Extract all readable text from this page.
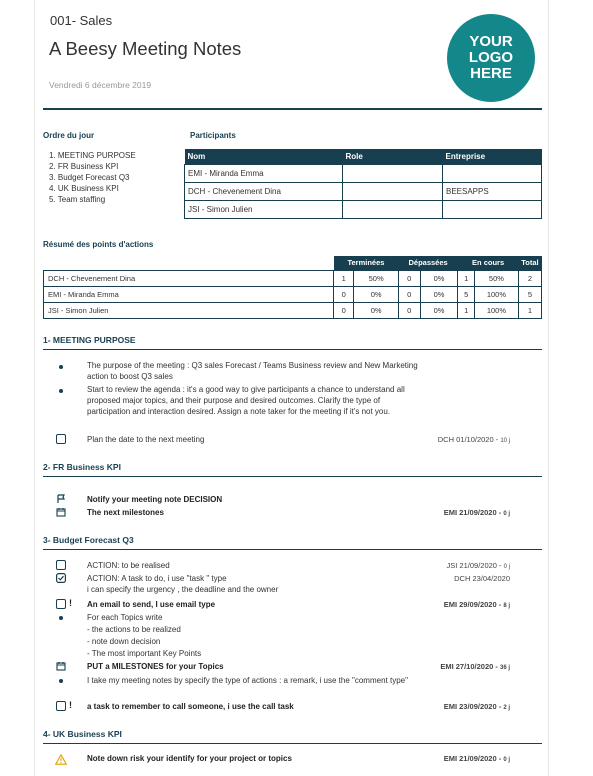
001- Sales
A Beesy Meeting Notes
Vendredi 6 décembre 2019
YOUR
LOGO
HERE
Ordre du jour
1. MEETING PURPOSE
2. FR Business KPI
3. Budget Forecast Q3
4. UK Business KPI
5. Team staffing
Participants
Nom	Role	Entreprise
EMI - Miranda Emma		
DCH - Chevenement Dina		BEESAPPS
JSI - Simon Julien		
Résumé des points d'actions
	Terminées		Dépassées		En cours		Total
DCH - Chevenement Dina	1	50%	0	0%	1	50%	2
EMI - Miranda Emma	0	0%	0	0%	5	100%	5
JSI - Simon Julien	0	0%	0	0%	1	100%	1
1- MEETING PURPOSE
The purpose of the meeting : Q3 sales Forecast / Teams Business review and New Marketing action to boost Q3 sales
Start to review the agenda : it's a good way to give participants a chance to understand all proposed major topics, and their purpose and desired outcomes. Clarify the type of participation and interaction desired. Assign a note taker for the meeting if it's not you.
Plan the date to the next meeting	DCH 01/10/2020 - 10 j
2- FR Business KPI
Notify your meeting note DECISION
The next milestones	EMI 21/09/2020 - 0 j
3- Budget Forecast Q3
ACTION: to be realised	JSI 21/09/2020 - 0 j
ACTION: A task to do, i use "task " type
i can specify the urgency , the deadline and the owner
DCH 23/04/2020
! An email to send, I use email type	EMI 29/09/2020 - 8 j
For each Topics write
- the actions to be realized
- note down decision
- The most important Key Points
PUT a MILESTONES for your Topics	EMI 27/10/2020 - 36 j
I take my meeting notes by specify the type of actions : a remark, i use the "comment type"
! a task to remember to call someone, i use the call task	EMI 23/09/2020 - 2 j
4- UK Business KPI
Note down risk your identify for your project or topics	EMI 21/09/2020 - 0 j
